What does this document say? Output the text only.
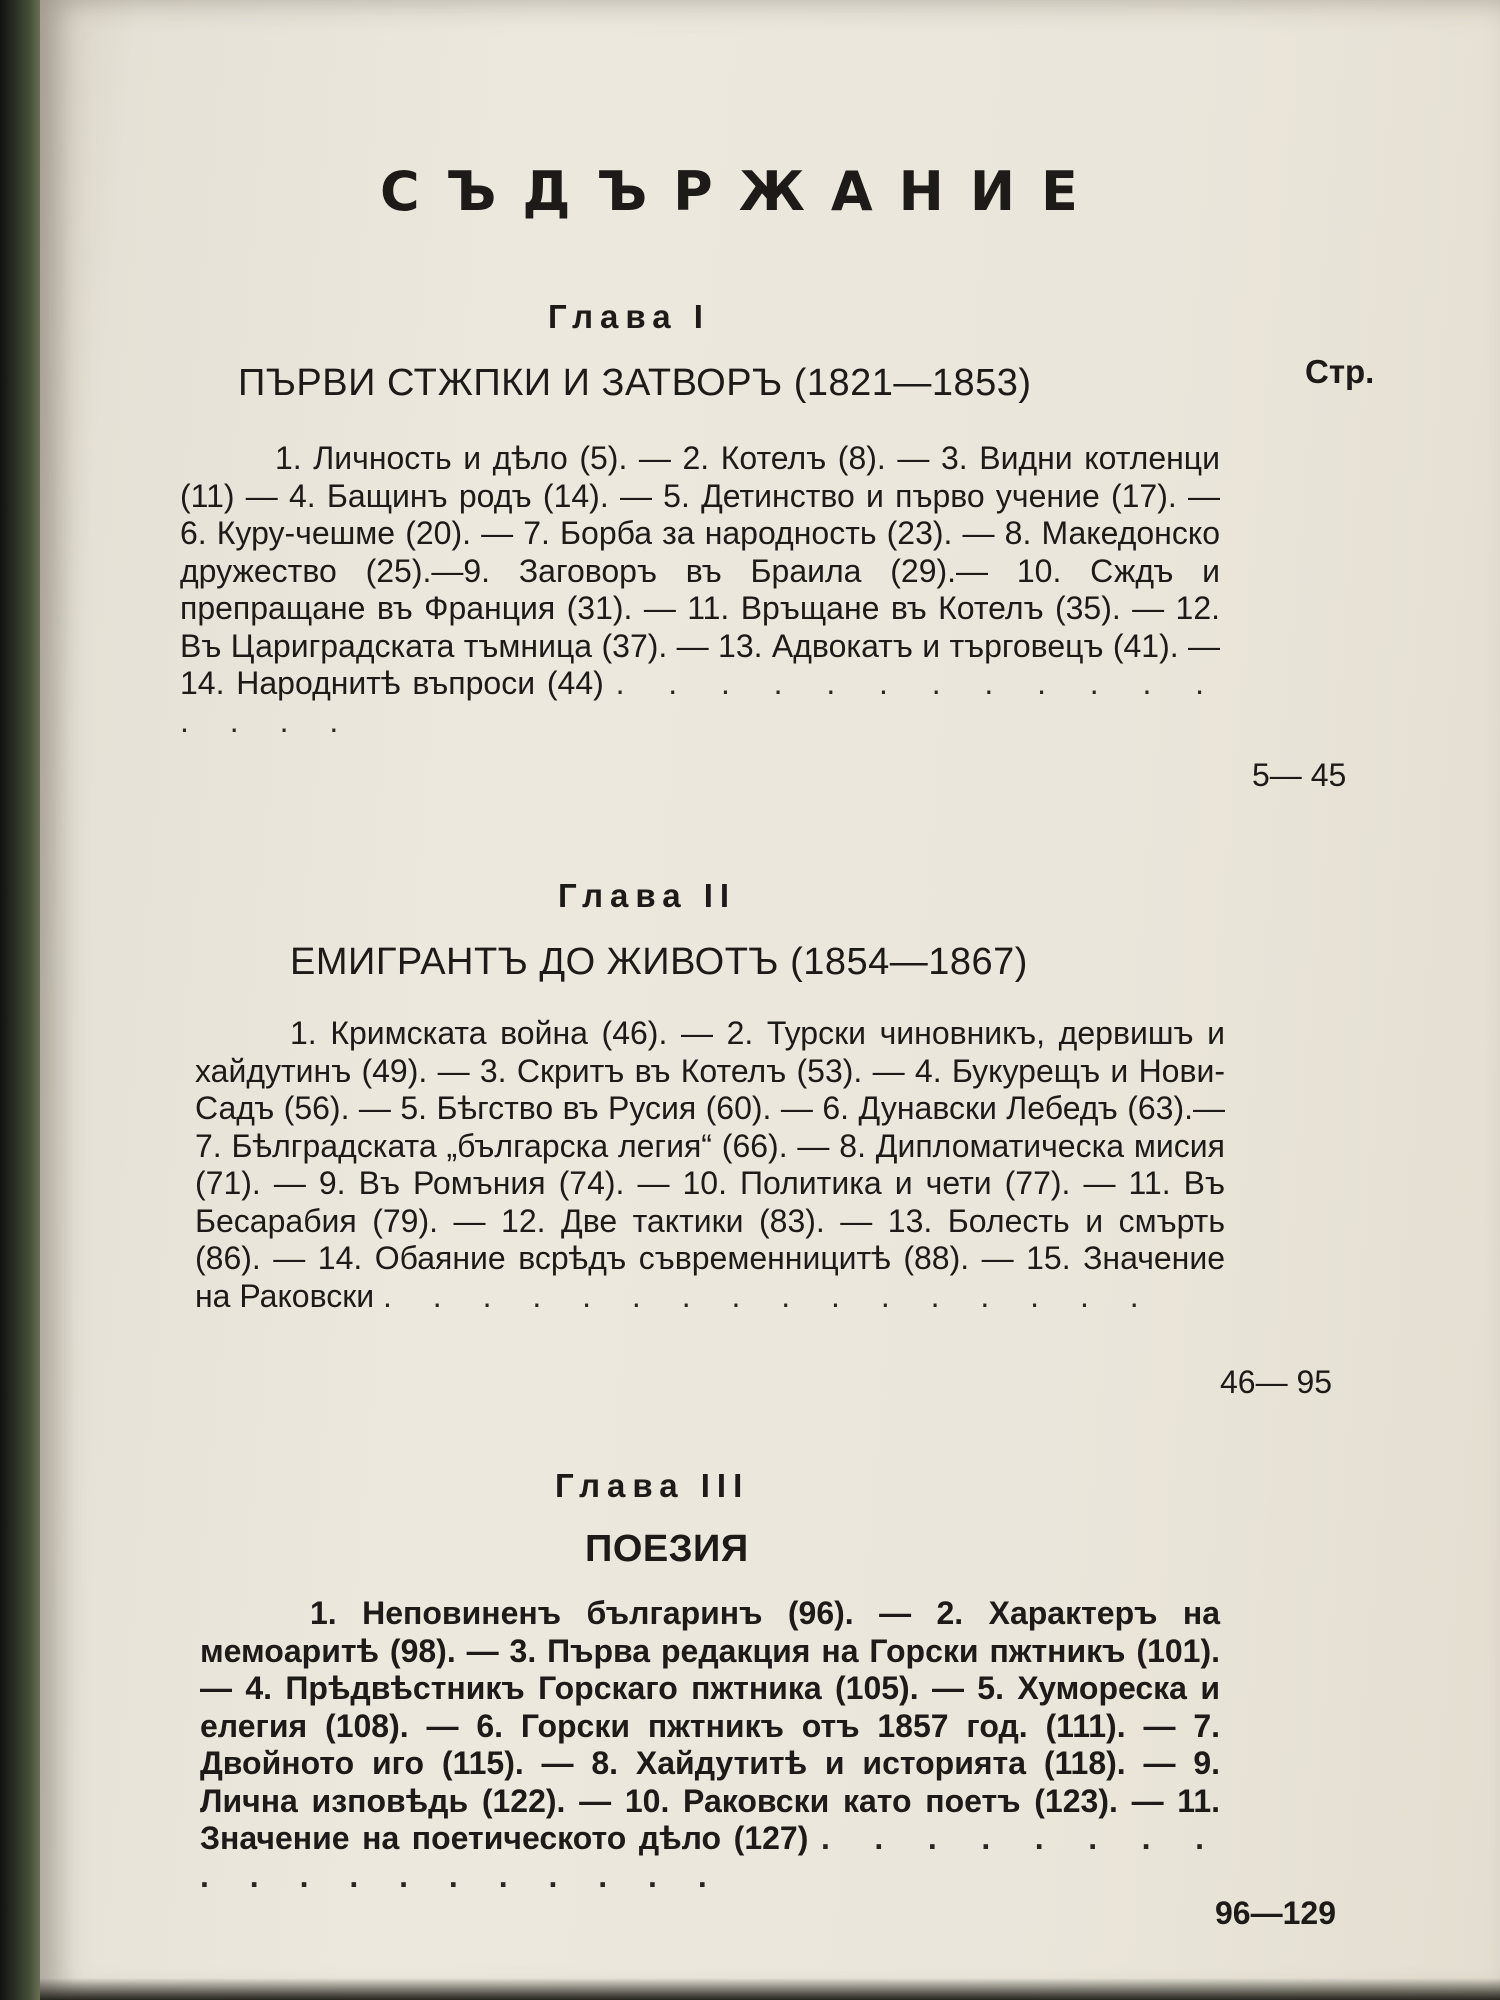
СЪДЪРЖАНИЕ
Глава I
ПЪРВИ СТЖПКИ И ЗАТВОРЪ (1821—1853)	Стр.

1. Личность и дѣло (5). — 2. Котелъ (8). — 3. Видни котленци (11) — 4. Бащинъ родъ (14). — 5. Детинство и първо учение (17). — 6. Куру-чешме (20). — 7. Борба за народность (23). — 8. Македонско дружество (25).—9. Заговоръ въ Браила (29).— 10. Сждъ и препращане въ Франция (31). — 11. Връщане въ Котелъ (35). — 12. Въ Цариградската тъмница (37). — 13. Адвокатъ и търговецъ (41). — 14. Народнитѣ въпроси (44) . . . . . . . . . . . . . . . .

5— 45
Глава II
ЕМИГРАНТЪ ДО ЖИВОТЪ (1854—1867)

1. Кримската война (46). — 2. Турски чиновникъ, дервишъ и хайдутинъ (49). — 3. Скритъ въ Котелъ (53). — 4. Букурещъ и Нови-Садъ (56). — 5. Бѣгство въ Русия (60). — 6. Дунавски Лебедъ (63).— 7. Бѣлградската „българска легия“ (66). — 8. Дипломатическа мисия (71). — 9. Въ Ромъния (74). — 10. Политика и чети (77). — 11. Въ Бесарабия (79). — 12. Две тактики (83). — 13. Болесть и смърть (86). — 14. Обаяние всрѣдъ съвременницитѣ (88). — 15. Значение на Раковски . . . . . . . . . . . . . . . .

46— 95
Глава III
ПОЕЗИЯ

1. Неповиненъ българинъ (96). — 2. Характеръ на мемоаритѣ (98). — 3. Първа редакция на Горски пжтникъ (101). — 4. Прѣдвѣстникъ Горскаго пжтника (105). — 5. Хумореска и елегия (108). — 6. Горски пжтникъ отъ 1857 год. (111). — 7. Двойното иго (115). — 8. Хайдутитѣ и историята (118). — 9. Лична изповѣдь (122). — 10. Раковски като поетъ (123). — 11. Значение на поетическото дѣло (127) . . . . . . . . . . . . . . . . . . .

96—129
